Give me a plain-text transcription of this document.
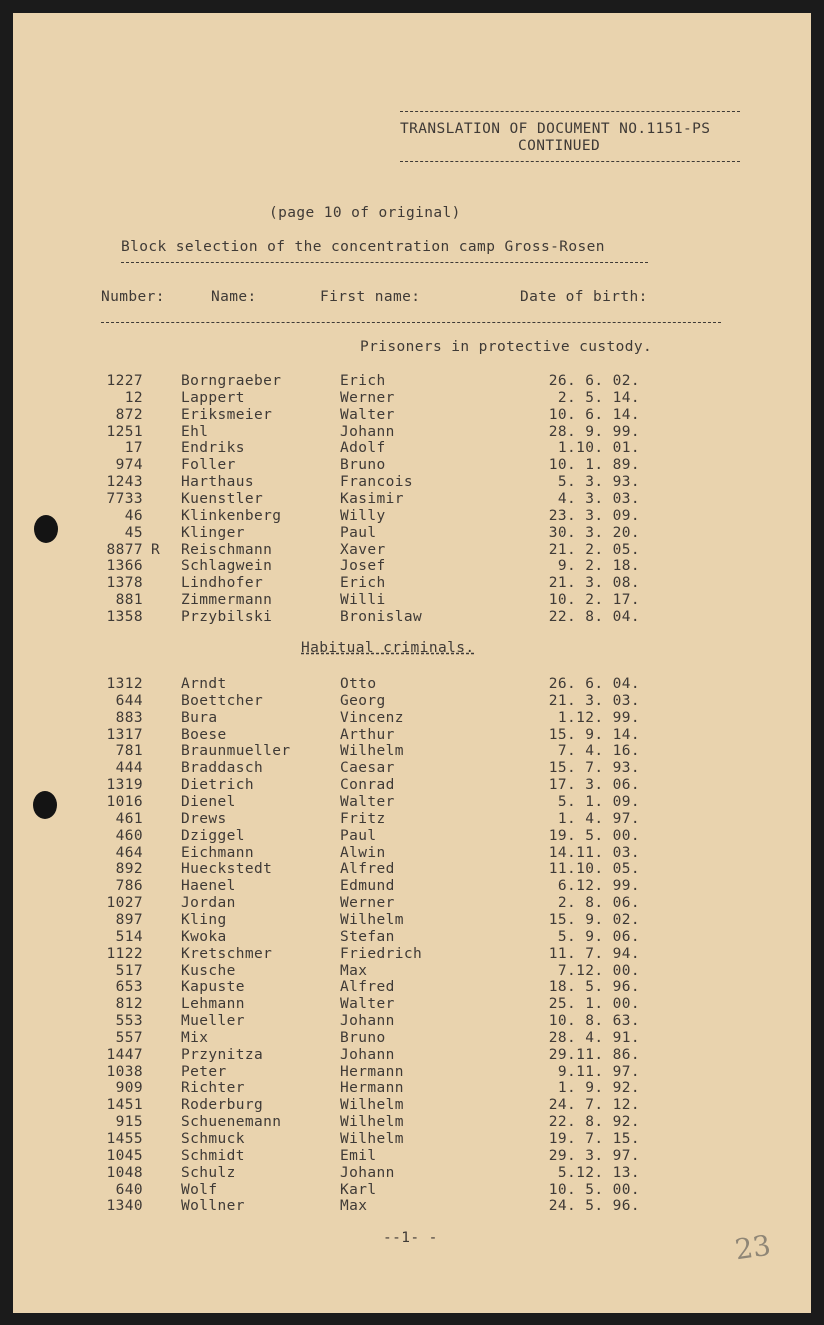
TRANSLATION OF DOCUMENT NO.1151-PS
CONTINUED
(page 10 of original)
Block selection of the concentration camp Gross-Rosen
Number:	Name:	First name:	Date of birth:
Prisoners in protective custody.
1227	Borngraeber	Erich	26. 6. 02.
12	Lappert	Werner	2. 5. 14.
872	Eriksmeier	Walter	10. 6. 14.
1251	Ehl	Johann	28. 9. 99.
17	Endriks	Adolf	1.10. 01.
974	Foller	Bruno	10. 1. 89.
1243	Harthaus	Francois	5. 3. 93.
7733	Kuenstler	Kasimir	4. 3. 03.
46	Klinkenberg	Willy	23. 3. 09.
45	Klinger	Paul	30. 3. 20.
8877 R Reischmann	Xaver	21. 2. 05.
1366	Schlagwein	Josef	9. 2. 18.
1378	Lindhofer	Erich	21. 3. 08.
881	Zimmermann	Willi	10. 2. 17.
1358	Przybilski	Bronislaw	22. 8. 04.
Habitual criminals.
1312	Arndt	Otto	26. 6. 04.
644	Boettcher	Georg	21. 3. 03.
883	Bura	Vincenz	1.12. 99.
1317	Boese	Arthur	15. 9. 14.
781	Braunmueller	Wilhelm	7. 4. 16.
444	Braddasch	Caesar	15. 7. 93.
1319	Dietrich	Conrad	17. 3. 06.
1016	Dienel	Walter	5. 1. 09.
461	Drews	Fritz	1. 4. 97.
460	Dziggel	Paul	19. 5. 00.
464	Eichmann	Alwin	14.11. 03.
892	Hueckstedt	Alfred	11.10. 05.
786	Haenel	Edmund	6.12. 99.
1027	Jordan	Werner	2. 8. 06.
897	Kling	Wilhelm	15. 9. 02.
514	Kwoka	Stefan	5. 9. 06.
1122	Kretschmer	Friedrich	11. 7. 94.
517	Kusche	Max	7.12. 00.
653	Kapuste	Alfred	18. 5. 96.
812	Lehmann	Walter	25. 1. 00.
553	Mueller	Johann	10. 8. 63.
557	Mix	Bruno	28. 4. 91.
1447	Przynitza	Johann	29.11. 86.
1038	Peter	Hermann	9.11. 97.
909	Richter	Hermann	1. 9. 92.
1451	Roderburg	Wilhelm	24. 7. 12.
915	Schuenemann	Wilhelm	22. 8. 92.
1455	Schmuck	Wilhelm	19. 7. 15.
1045	Schmidt	Emil	29. 3. 97.
1048	Schulz	Johann	5.12. 13.
640	Wolf	Karl	10. 5. 00.
1340	Wollner	Max	24. 5. 96.
--1- -	23
